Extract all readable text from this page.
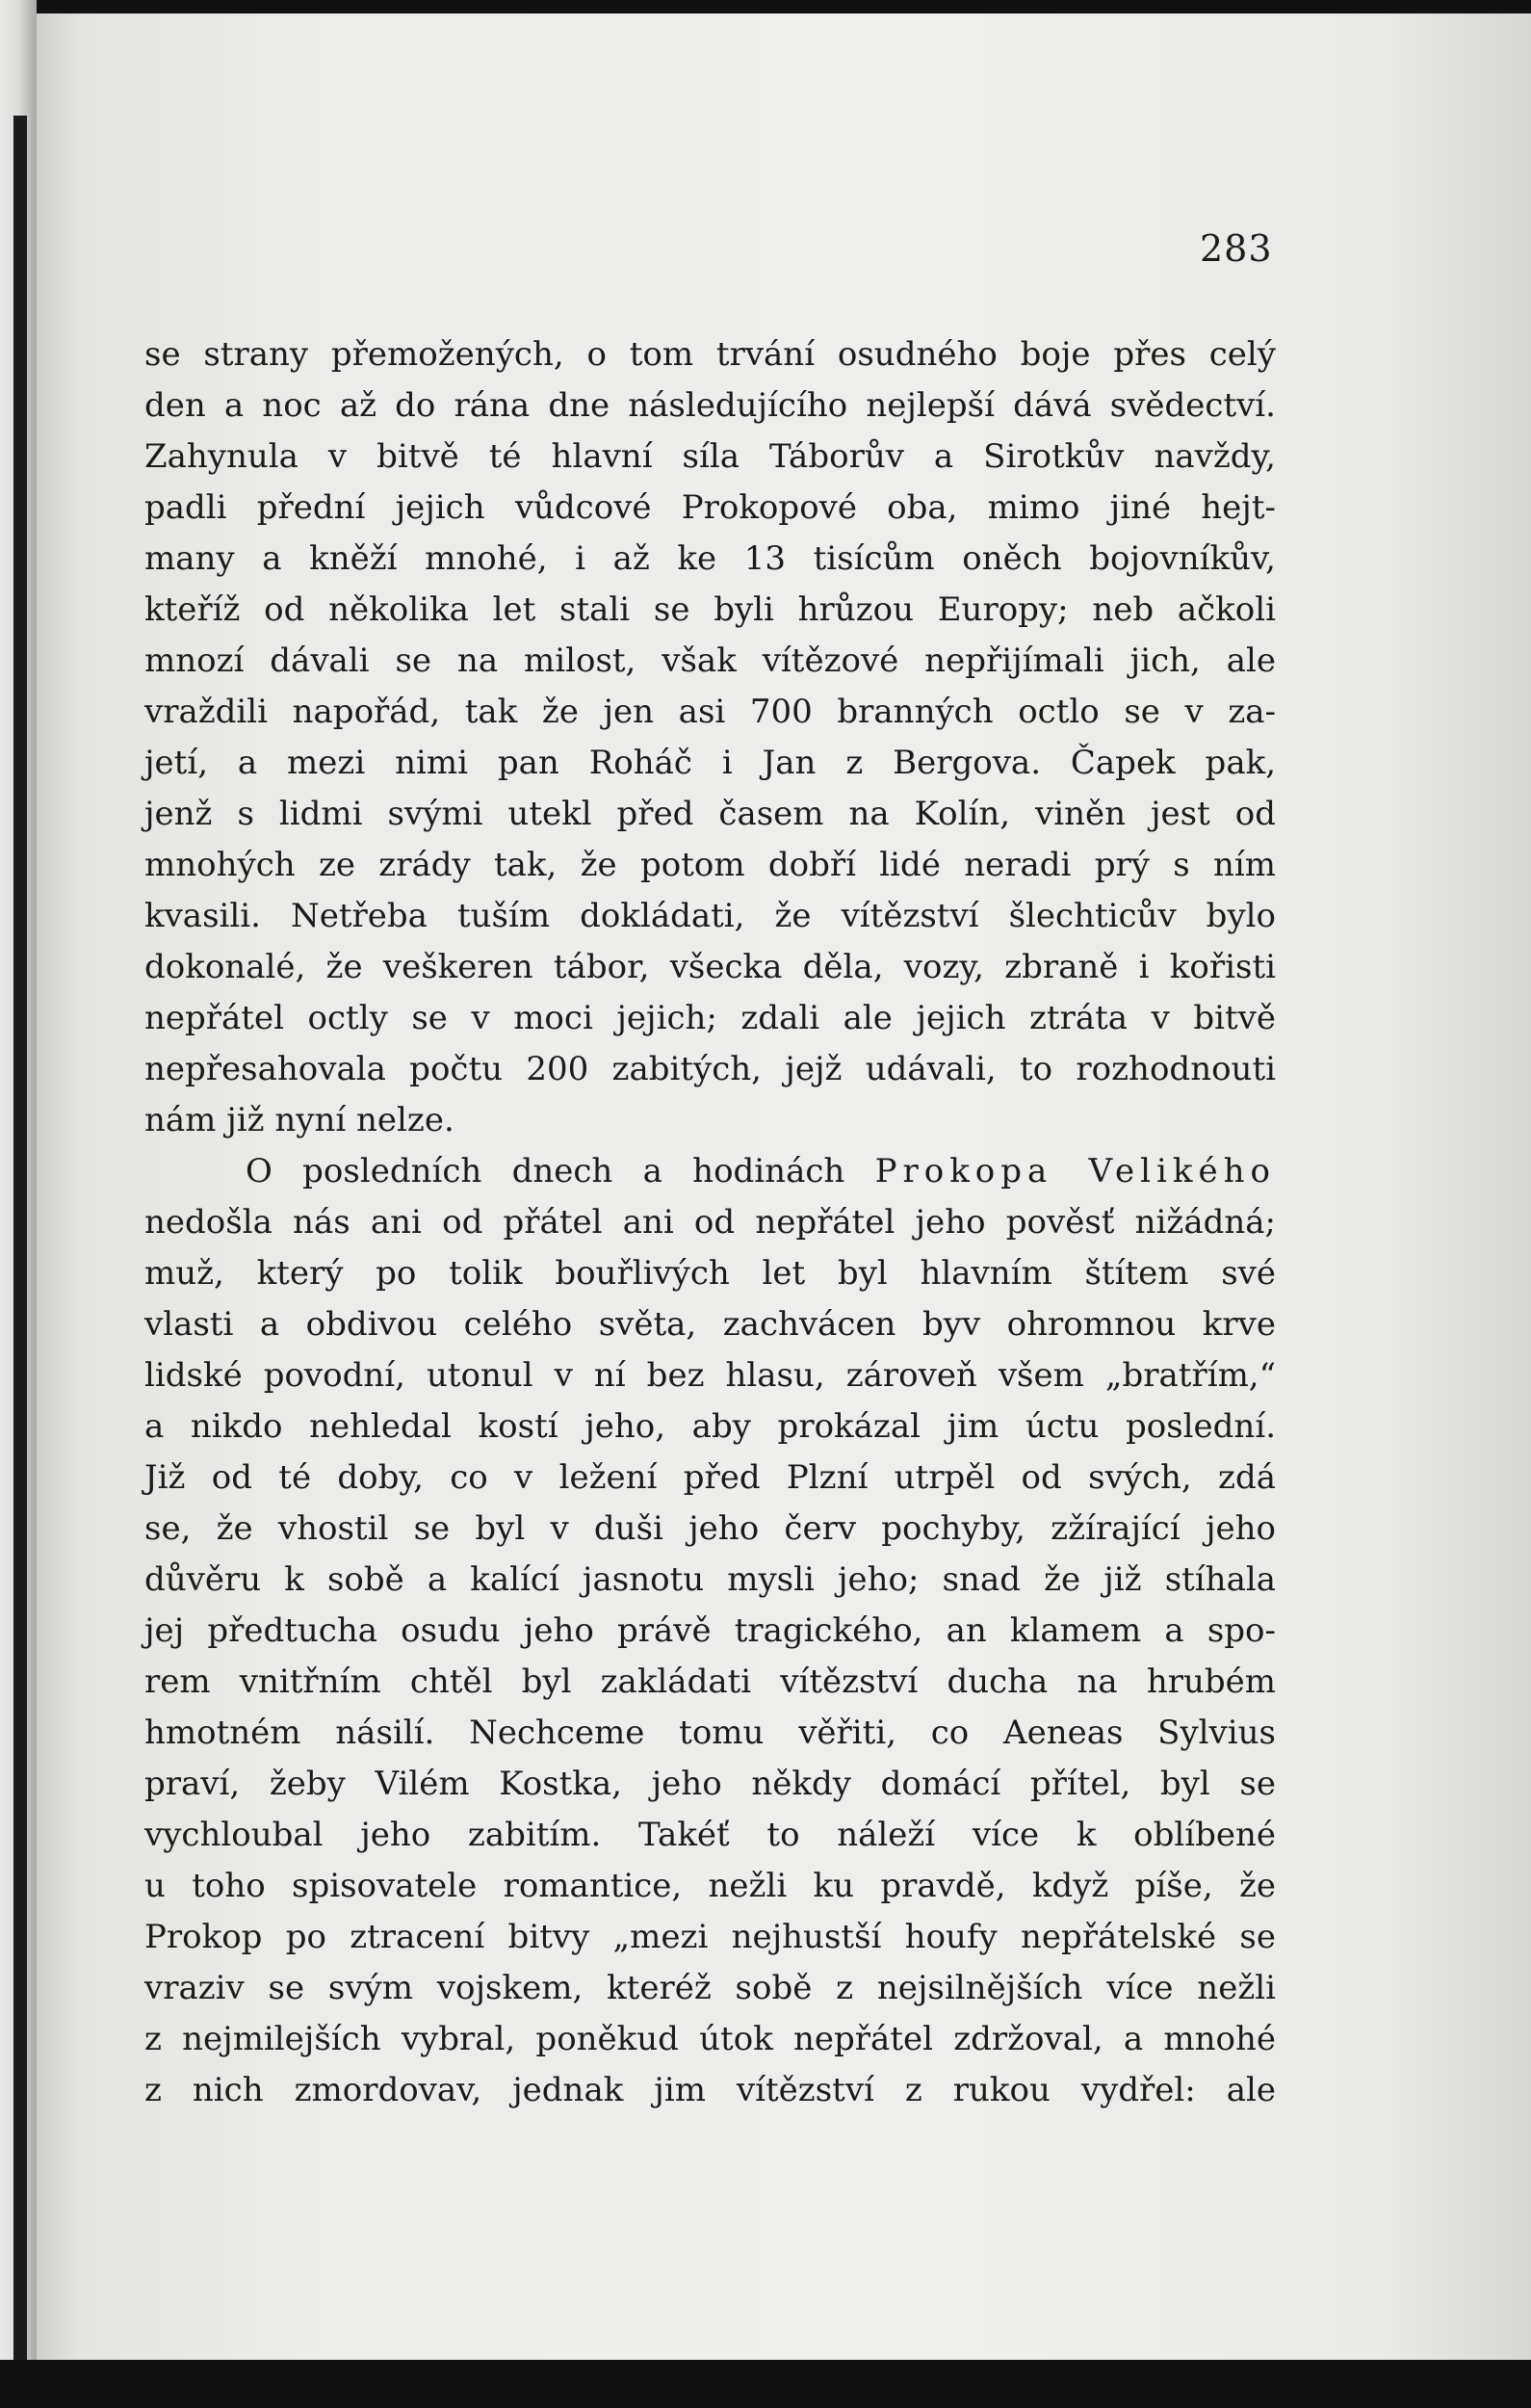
283
se strany přemožených, o tom trvání osudného boje přes celý
den a noc až do rána dne následujícího nejlepší dává svědectví.
Zahynula v bitvě té hlavní síla Táborův a Sirotkův navždy,
padli přední jejich vůdcové Prokopové oba, mimo jiné hejt-
many a kněží mnohé, i až ke 13 tisícům oněch bojovníkův,
kteříž od několika let stali se byli hrůzou Europy; neb ačkoli
mnozí dávali se na milost, však vítězové nepřijímali jich, ale
vraždili napořád, tak že jen asi 700 branných octlo se v za-
jetí, a mezi nimi pan Roháč i Jan z Bergova. Čapek pak,
jenž s lidmi svými utekl před časem na Kolín, viněn jest od
mnohých ze zrády tak, že potom dobří lidé neradi prý s ním
kvasili. Netřeba tuším dokládati, že vítězství šlechticův bylo
dokonalé, že veškeren tábor, všecka děla, vozy, zbraně i kořisti
nepřátel octly se v moci jejich; zdali ale jejich ztráta v bitvě
nepřesahovala počtu 200 zabitých, jejž udávali, to rozhodnouti
nám již nyní nelze.
O posledních dnech a hodinách Prokopa Velikého
nedošla nás ani od přátel ani od nepřátel jeho pověsť nižádná;
muž, který po tolik bouřlivých let byl hlavním štítem své
vlasti a obdivou celého světa, zachvácen byv ohromnou krve
lidské povodní, utonul v ní bez hlasu, zároveň všem „bratřím,“
a nikdo nehledal kostí jeho, aby prokázal jim úctu poslední.
Již od té doby, co v ležení před Plzní utrpěl od svých, zdá
se, že vhostil se byl v duši jeho červ pochyby, zžírající jeho
důvěru k sobě a kalící jasnotu mysli jeho; snad že již stíhala
jej předtucha osudu jeho právě tragického, an klamem a spo-
rem vnitřním chtěl byl zakládati vítězství ducha na hrubém
hmotném násilí. Nechceme tomu věřiti, co Aeneas Sylvius
praví, žeby Vilém Kostka, jeho někdy domácí přítel, byl se
vychloubal jeho zabitím. Takéť to náleží více k oblíbené
u toho spisovatele romantice, nežli ku pravdě, když píše, že
Prokop po ztracení bitvy „mezi nejhustší houfy nepřátelské se
vraziv se svým vojskem, kteréž sobě z nejsilnějších více nežli
z nejmilejších vybral, poněkud útok nepřátel zdržoval, a mnohé
z nich zmordovav, jednak jim vítězství z rukou vydřel: ale
